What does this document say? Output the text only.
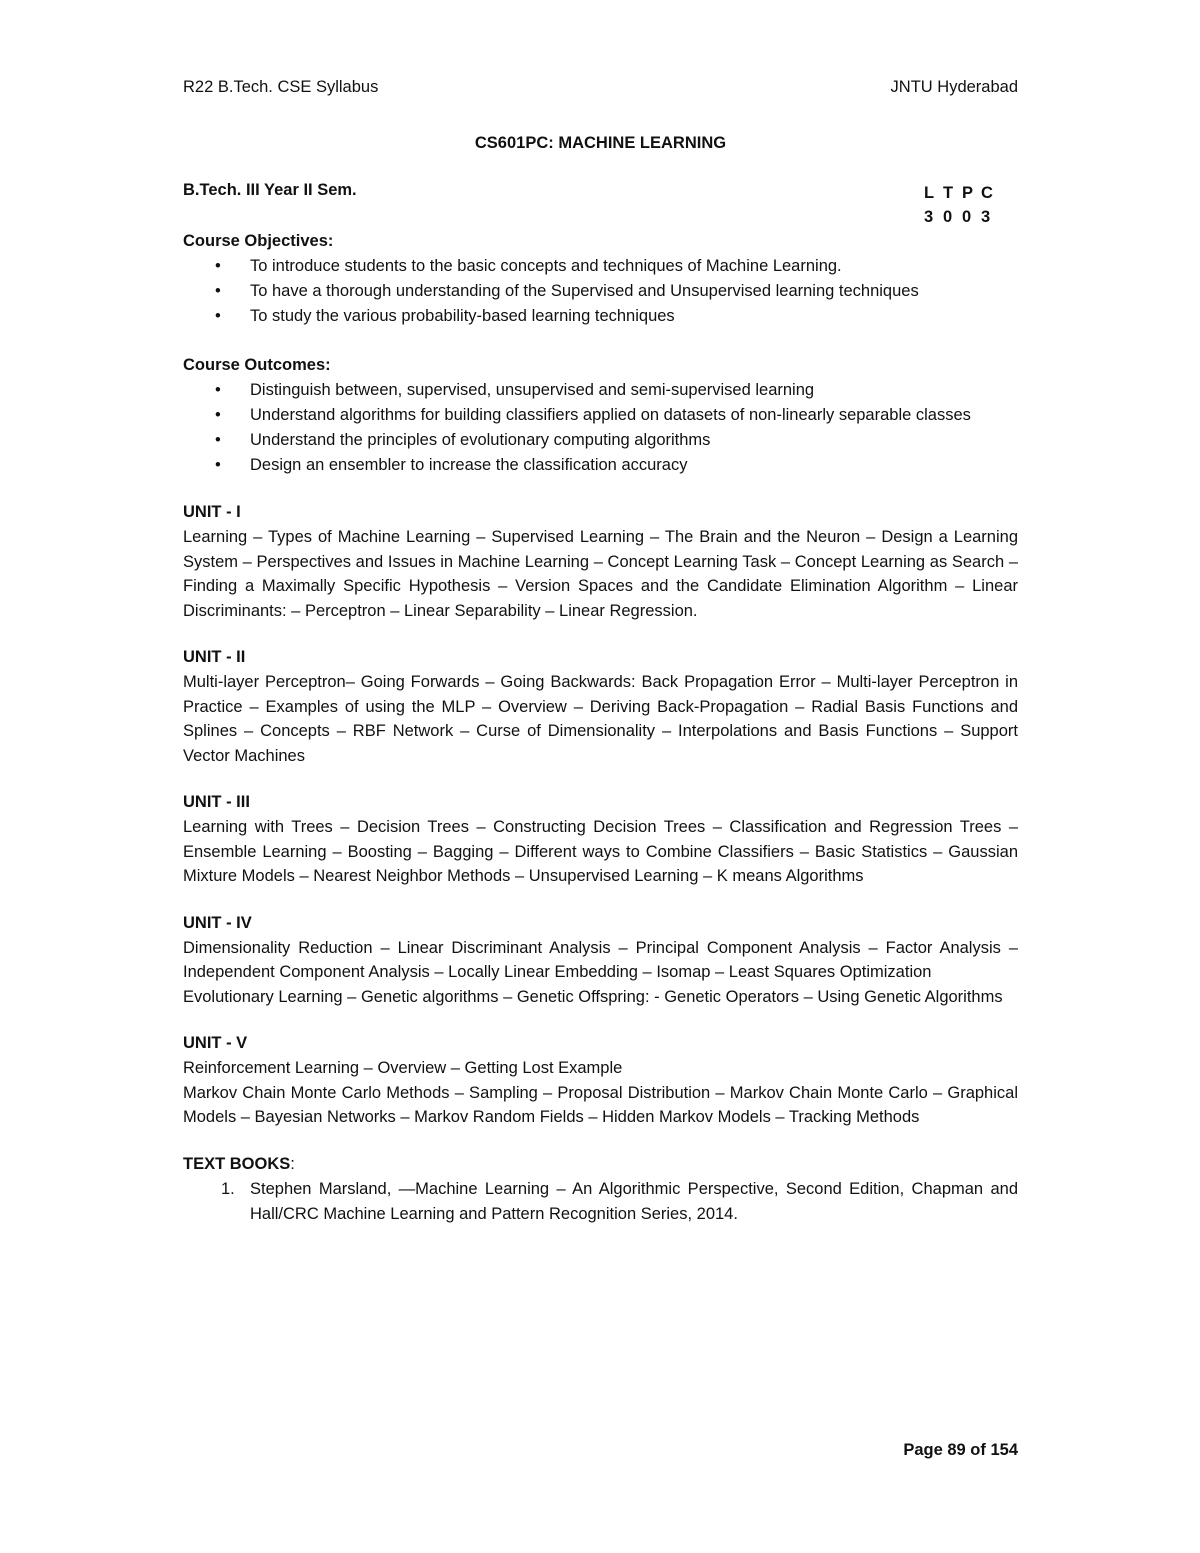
R22 B.Tech. CSE Syllabus	JNTU Hyderabad
CS601PC: MACHINE LEARNING
B.Tech. III Year II Sem.	L T P C
3 0 0 3
Course Objectives:
• To introduce students to the basic concepts and techniques of Machine Learning.
• To have a thorough understanding of the Supervised and Unsupervised learning techniques
• To study the various probability-based learning techniques
Course Outcomes:
• Distinguish between, supervised, unsupervised and semi-supervised learning
• Understand algorithms for building classifiers applied on datasets of non-linearly separable classes
• Understand the principles of evolutionary computing algorithms
• Design an ensembler to increase the classification accuracy
UNIT - I

Learning – Types of Machine Learning – Supervised Learning – The Brain and the Neuron – Design a Learning System – Perspectives and Issues in Machine Learning – Concept Learning Task – Concept Learning as Search – Finding a Maximally Specific Hypothesis – Version Spaces and the Candidate Elimination Algorithm – Linear Discriminants: – Perceptron – Linear Separability – Linear Regression.

UNIT - II

Multi-layer Perceptron– Going Forwards – Going Backwards: Back Propagation Error – Multi-layer Perceptron in Practice – Examples of using the MLP – Overview – Deriving Back-Propagation – Radial Basis Functions and Splines – Concepts – RBF Network – Curse of Dimensionality – Interpolations and Basis Functions – Support Vector Machines

UNIT - III

Learning with Trees – Decision Trees – Constructing Decision Trees – Classification and Regression Trees – Ensemble Learning – Boosting – Bagging – Different ways to Combine Classifiers – Basic Statistics – Gaussian Mixture Models – Nearest Neighbor Methods – Unsupervised Learning – K means Algorithms

UNIT - IV

Dimensionality Reduction – Linear Discriminant Analysis – Principal Component Analysis – Factor Analysis – Independent Component Analysis – Locally Linear Embedding – Isomap – Least Squares Optimization

Evolutionary Learning – Genetic algorithms – Genetic Offspring: - Genetic Operators – Using Genetic Algorithms

UNIT - V

Reinforcement Learning – Overview – Getting Lost Example

Markov Chain Monte Carlo Methods – Sampling – Proposal Distribution – Markov Chain Monte Carlo – Graphical Models – Bayesian Networks – Markov Random Fields – Hidden Markov Models – Tracking Methods

TEXT BOOKS:
1. Stephen Marsland, —Machine Learning – An Algorithmic Perspective, Second Edition, Chapman and Hall/CRC Machine Learning and Pattern Recognition Series, 2014.
Page 89 of 154
